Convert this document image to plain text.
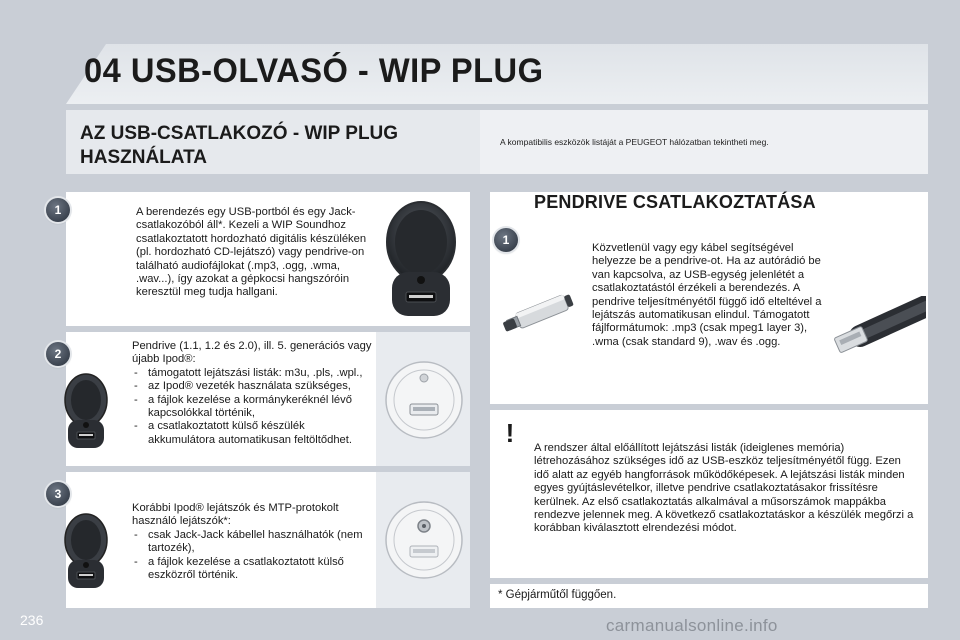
04 USB-OLVASÓ - WIP PLUG
AZ USB-CSATLAKOZÓ - WIP PLUG HASZNÁLATA
A kompatibilis eszközök listáját a PEUGEOT hálózatban tekintheti meg.
1	A berendezés egy USB-portból és egy Jack-csatlakozóból áll*. Kezeli a WIP Soundhoz csatlakoztatott hordozható digitális készüléken (pl. hordozható CD-lejátszó) vagy pendrive-on található audiofájlokat (.mp3, .ogg, .wma, .wav...), így azokat a gépkocsi hangszóróin keresztül meg tudja hallgani.
2
Pendrive (1.1, 1.2 és 2.0), ill. 5. generációs vagy újabb Ipod®:
- támogatott lejátszási listák: m3u, .pls, .wpl.,
- az Ipod® vezeték használata szükséges,
- a fájlok kezelése a kormánykeréknél lévő kapcsolókkal történik,
- a csatlakoztatott külső készülék akkumulátora automatikusan feltöltődhet.
3
Korábbi Ipod® lejátszók és MTP-protokolt használó lejátszók*:
- csak Jack-Jack kábellel használhatók (nem tartozék),
- a fájlok kezelése a csatlakoztatott külső eszközről történik.
PENDRIVE CSATLAKOZTATÁSA
1
Közvetlenül vagy egy kábel segítségével helyezze be a pendrive-ot. Ha az autórádió be van kapcsolva, az USB-egység jelenlétét a csatlakoztatástól érzékeli a berendezés. A pendrive teljesítményétől függő idő elteltével a lejátszás automatikusan elindul. Támogatott fájlformátumok: .mp3 (csak mpeg1 layer 3), .wma (csak standard 9), .wav és .ogg.
!	A rendszer által előállított lejátszási listák (ideiglenes memória) létrehozásához szükséges idő az USB-eszköz teljesítményétől függ. Ezen idő alatt az egyéb hangforrások működőképesek. A lejátszási listák minden egyes gyújtáslevételkor, illetve pendrive csatlakoztatásakor frissítésre kerülnek. Az első csatlakoztatás alkalmával a műsorszámok mappákba rendezve jelennek meg. A következő csatlakoztatáskor a készülék megőrzi a korábban kiválasztott elrendezési módot.
* Gépjárműtől függően.
236	carmanualsonline.info
